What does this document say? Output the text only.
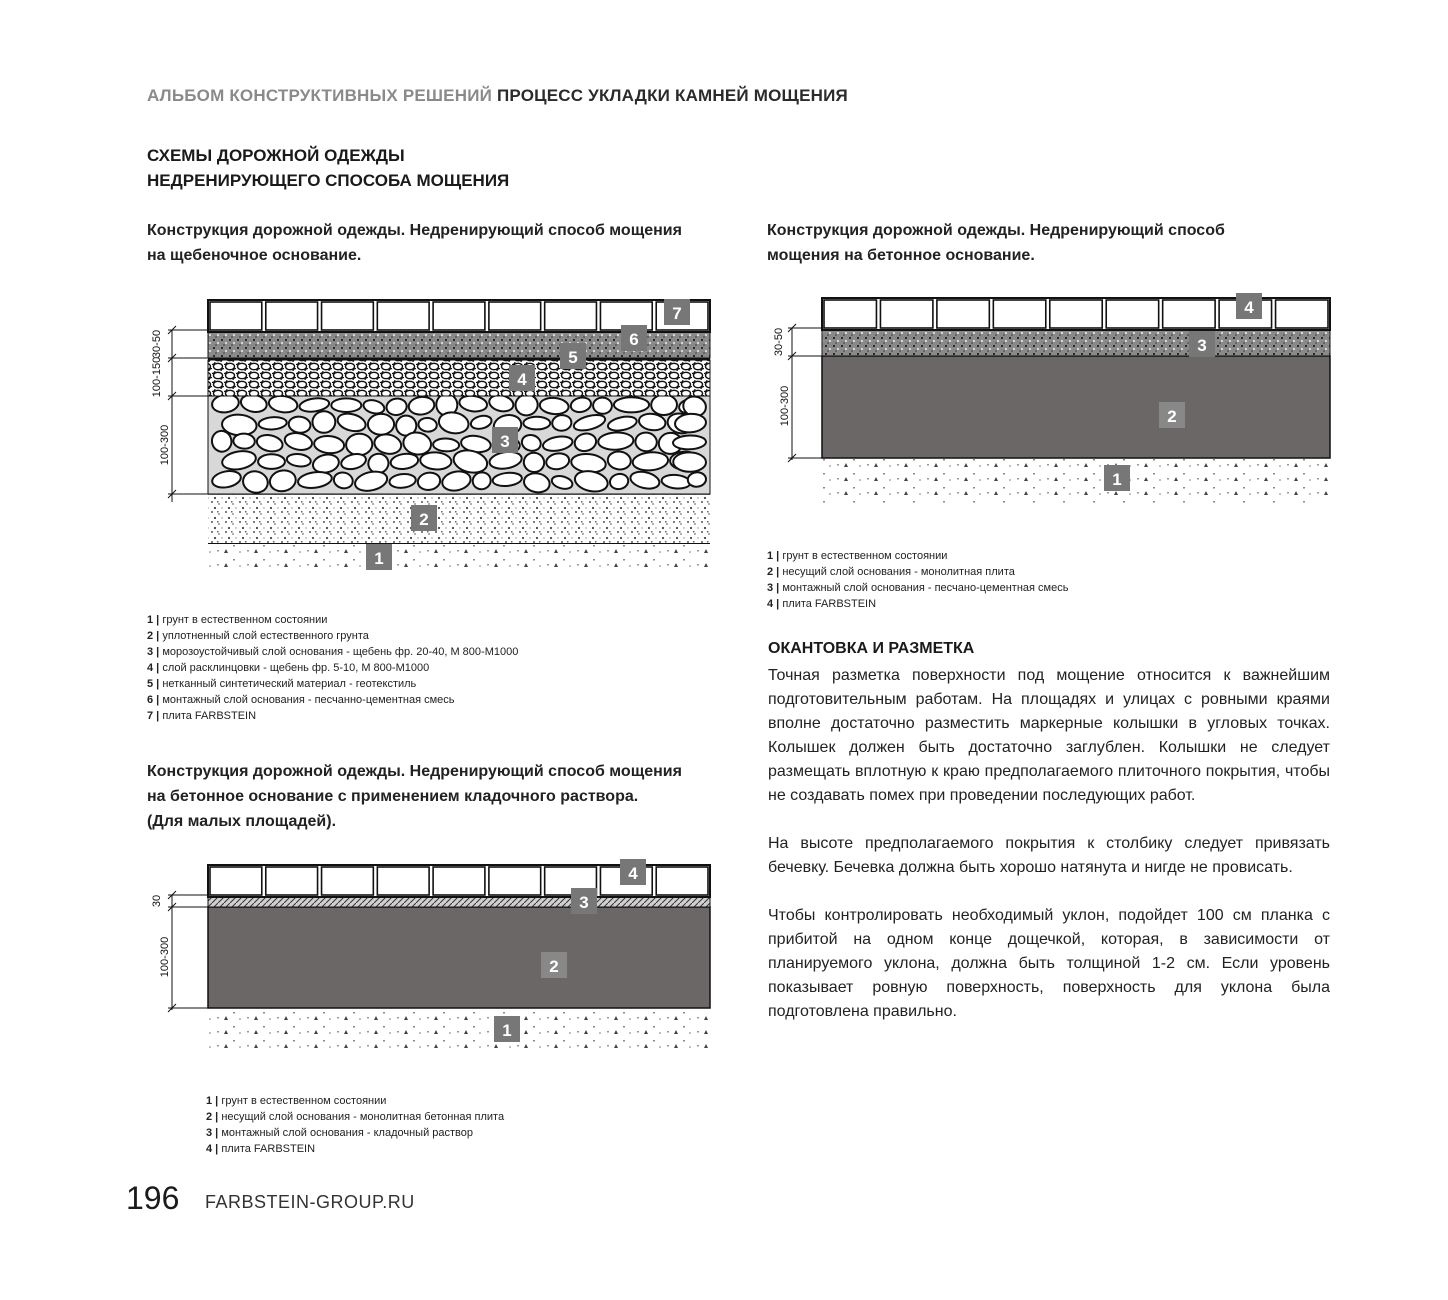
АЛЬБОМ КОНСТРУКТИВНЫХ РЕШЕНИЙ ПРОЦЕСС УКЛАДКИ КАМНЕЙ МОЩЕНИЯ
СХЕМЫ ДОРОЖНОЙ ОДЕЖДЫ
НЕДРЕНИРУЮЩЕГО СПОСОБА МОЩЕНИЯ
Конструкция дорожной одежды. Недренирующий способ мощения
на щебеночное основание.
30-50
100-150
100-300
1
2
3
4
5
6
7
1 | грунт в естественном состоянии
2 | уплотненный слой естественного грунта
3 | морозоустойчивый слой основания - щебень фр. 20-40, М 800-М1000
4 | слой расклинцовки - щебень фр. 5-10, М 800-М1000
5 | нетканный синтетический материал - геотекстиль
6 | монтажный слой основания - песчанно-цементная смесь
7 | плита FARBSTEIN
Конструкция дорожной одежды. Недренирующий способ
мощения на бетонное основание.
30-50
100-300
1
2
3
4
1 | грунт в естественном состоянии
2 | несущий слой основания - монолитная плита
3 | монтажный слой основания - песчано-цементная смесь
4 | плита FARBSTEIN
Конструкция дорожной одежды. Недренирующий способ мощения
на бетонное основание с применением кладочного раствора.
(Для малых площадей).
30
100-300
1
2
3
4
1 | грунт в естественном состоянии
2 | несущий слой основания - монолитная бетонная плита
3 | монтажный слой основания - кладочный раствор
4 | плита FARBSTEIN
ОКАНТОВКА И РАЗМЕТКА

Точная разметка поверхности под мощение относится к важнейшим подготовительным работам. На площадях и улицах с ровными краями вполне достаточно разместить маркерные колышки в угловых точках. Колышек должен быть достаточно заглублен. Колышки не следует размещать вплотную к краю предполагаемого плиточного покрытия, чтобы не создавать помех при проведении последующих работ.

На высоте предполагаемого покрытия к столбику следует привязать бечевку. Бечевка должна быть хорошо натянута и нигде не провисать.

Чтобы контролировать необходимый уклон, подойдет 100 см планка с прибитой на одном конце дощечкой, которая, в зависимости от планируемого уклона, должна быть толщиной 1-2 см. Если уровень показывает ровную поверхность, поверхность для уклона была подготовлена правильно.

196 FARBSTEIN-GROUP.RU
